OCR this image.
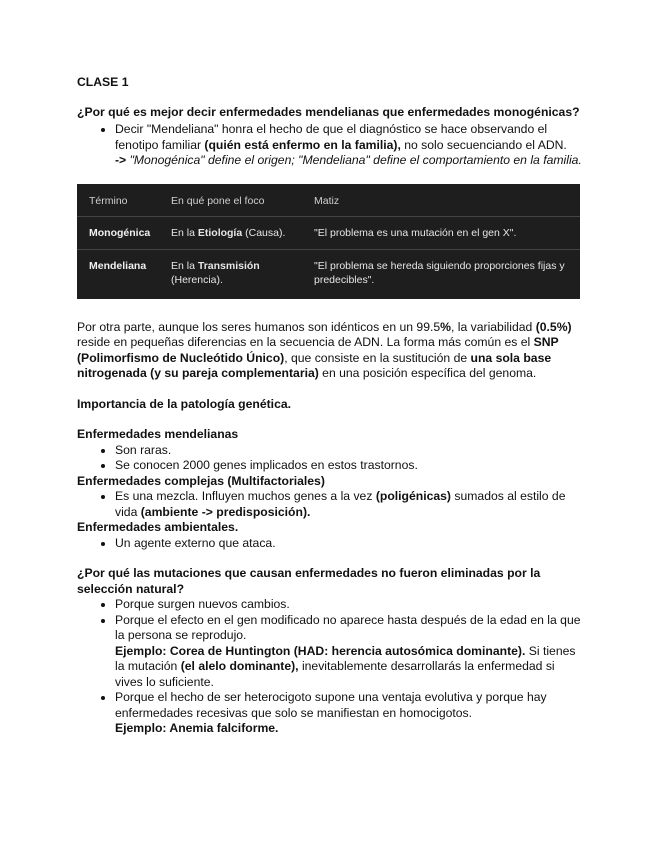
CLASE 1

¿Por qué es mejor decir enfermedades mendelianas que enfermedades monogénicas?

• Decir "Mendeliana" honra el hecho de que el diagnóstico se hace observando el fenotipo familiar (quién está enfermo en la familia), no solo secuenciando el ADN.
-> "Monogénica" define el origen; "Mendeliana" define el comportamiento en la familia.
Término	En qué pone el foco	Matiz
Monogénica	En la Etiología (Causa).	"El problema es una mutación en el gen X".
Mendeliana	En la Transmisión (Herencia).	"El problema se hereda siguiendo proporciones fijas y predecibles".

Por otra parte, aunque los seres humanos son idénticos en un 99.5%, la variabilidad (0.5%) reside en pequeñas diferencias en la secuencia de ADN. La forma más común es el SNP (Polimorfismo de Nucleótido Único), que consiste en la sustitución de una sola base nitrogenada (y su pareja complementaria) en una posición específica del genoma.

Importancia de la patología genética.

Enfermedades mendelianas

• Son raras.
• Se conocen 2000 genes implicados en estos trastornos.

Enfermedades complejas (Multifactoriales)

• Es una mezcla. Influyen muchos genes a la vez (poligénicas) sumados al estilo de vida (ambiente -> predisposición).

Enfermedades ambientales.

• Un agente externo que ataca.

¿Por qué las mutaciones que causan enfermedades no fueron eliminadas por la selección natural?

• Porque surgen nuevos cambios.
• Porque el efecto en el gen modificado no aparece hasta después de la edad en la que la persona se reprodujo.
Ejemplo: Corea de Huntington (HAD: herencia autosómica dominante). Si tienes la mutación (el alelo dominante), inevitablemente desarrollarás la enfermedad si vives lo suficiente.
• Porque el hecho de ser heterocigoto supone una ventaja evolutiva y porque hay enfermedades recesivas que solo se manifiestan en homocigotos.
Ejemplo: Anemia falciforme.
